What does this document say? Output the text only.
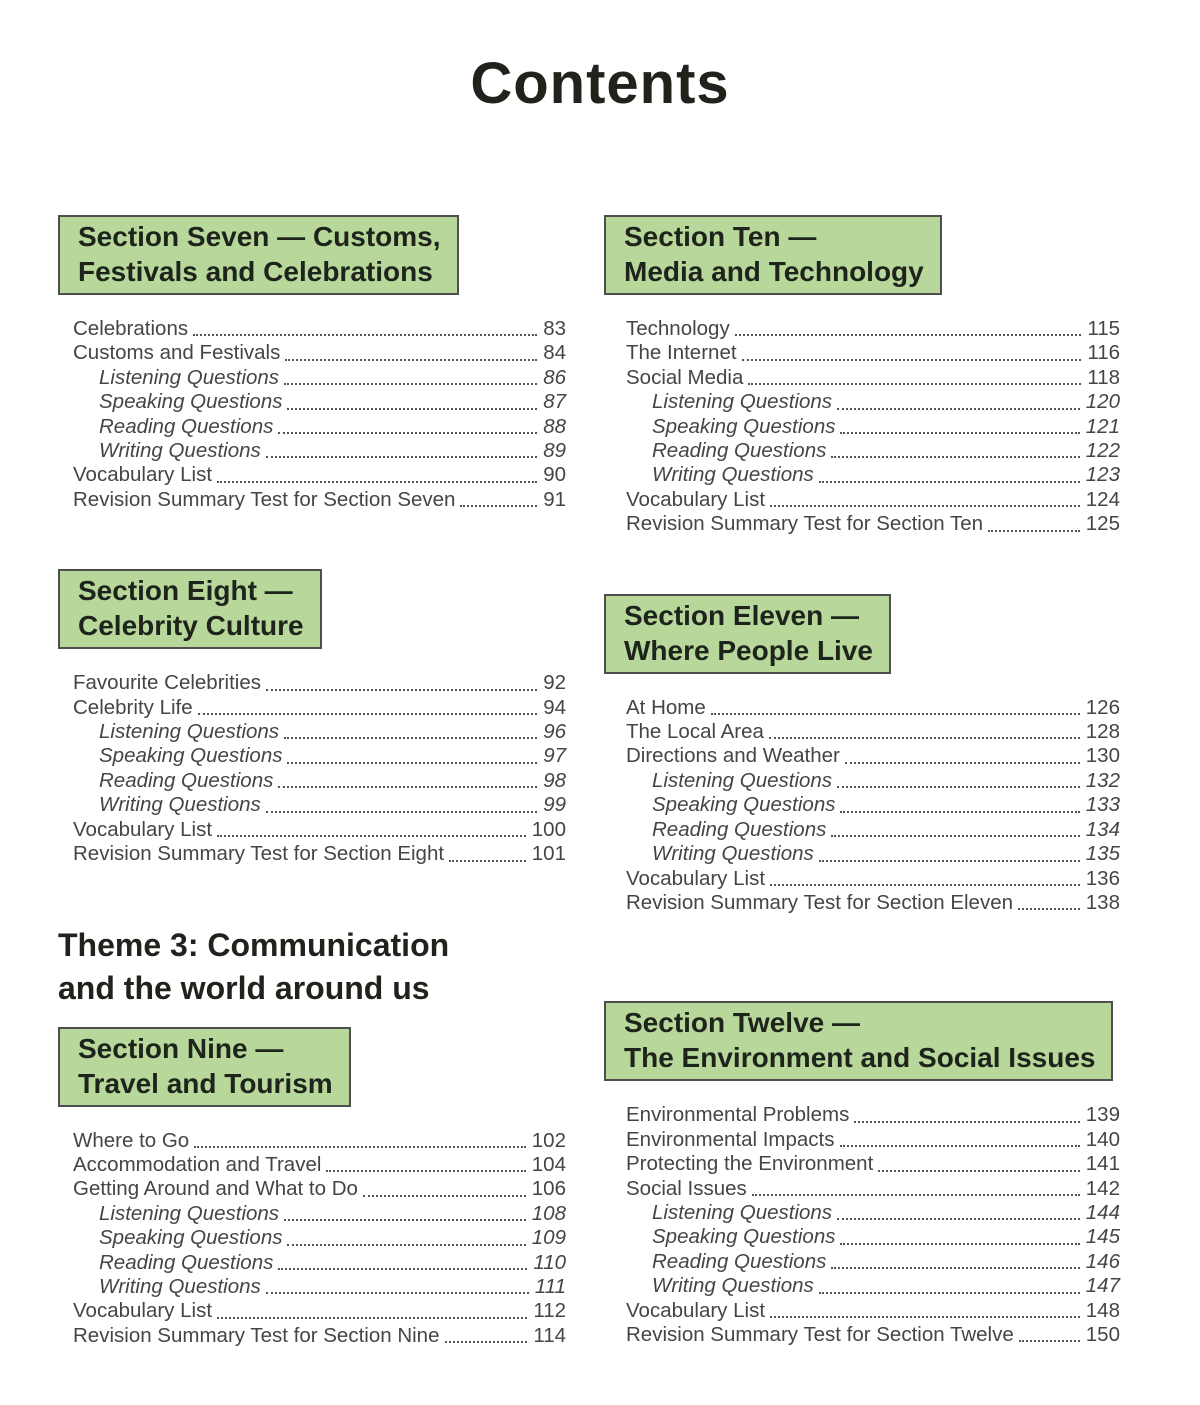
Contents
Section Seven — Customs,
Festivals and Celebrations
Celebrations	83
Customs and Festivals	84
Listening Questions	86
Speaking Questions	87
Reading Questions	88
Writing Questions	89
Vocabulary List	90
Revision Summary Test for Section Seven	91
Section Eight —
Celebrity Culture
Favourite Celebrities	92
Celebrity Life	94
Listening Questions	96
Speaking Questions	97
Reading Questions	98
Writing Questions	99
Vocabulary List	100
Revision Summary Test for Section Eight	101
Theme 3: Communication
and the world around us
Section Nine —
Travel and Tourism
Where to Go	102
Accommodation and Travel	104
Getting Around and What to Do	106
Listening Questions	108
Speaking Questions	109
Reading Questions	110
Writing Questions	111
Vocabulary List	112
Revision Summary Test for Section Nine	114
Section Ten —
Media and Technology
Technology	115
The Internet	116
Social Media	118
Listening Questions	120
Speaking Questions	121
Reading Questions	122
Writing Questions	123
Vocabulary List	124
Revision Summary Test for Section Ten	125
Section Eleven —
Where People Live
At Home	126
The Local Area	128
Directions and Weather	130
Listening Questions	132
Speaking Questions	133
Reading Questions	134
Writing Questions	135
Vocabulary List	136
Revision Summary Test for Section Eleven	138
Section Twelve —
The Environment and Social Issues
Environmental Problems	139
Environmental Impacts	140
Protecting the Environment	141
Social Issues	142
Listening Questions	144
Speaking Questions	145
Reading Questions	146
Writing Questions	147
Vocabulary List	148
Revision Summary Test for Section Twelve	150
